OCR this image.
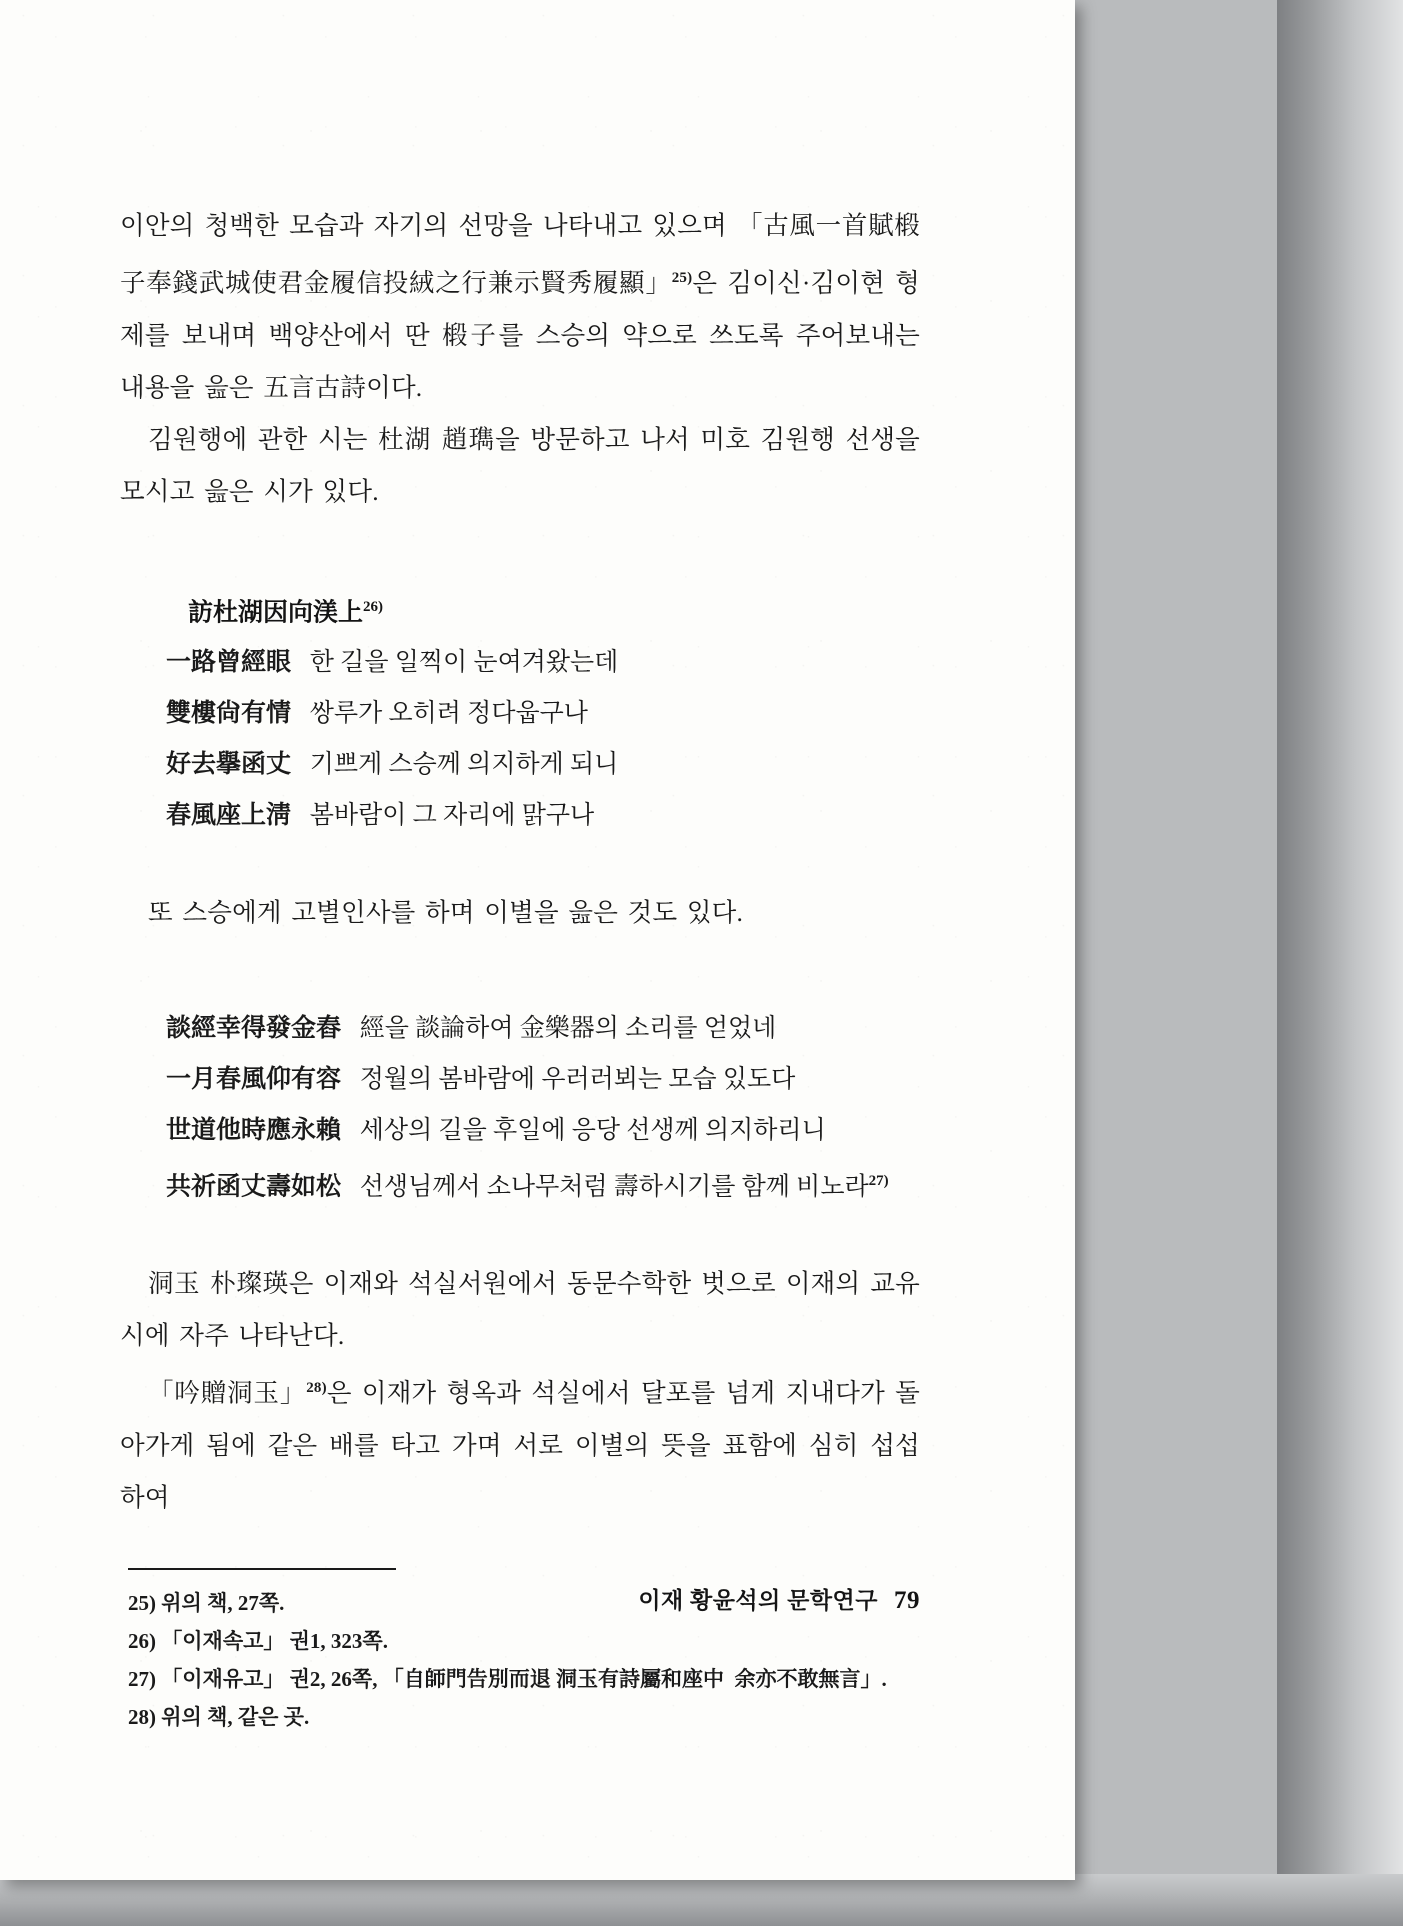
이안의 청백한 모습과 자기의 선망을 나타내고 있으며 「古風一首賦椴子奉錢武城使君金履信投絨之行兼示賢秀履顯」$^{25)}$은 김이신·김이현 형제를 보내며 백양산에서 딴 椴子를 스승의 약으로 쓰도록 주어보내는 내용을 읊은 五言古詩이다.

김원행에 관한 시는 杜湖 趙㻽을 방문하고 나서 미호 김원행 선생을 모시고 읊은 시가 있다.

訪杜湖因向渼上$^{26)}$
一路曾經眼 한 길을 일찍이 눈여겨왔는데
雙樓尙有情 쌍루가 오히려 정다웁구나
好去擧函丈 기쁘게 스승께 의지하게 되니
春風座上淸 봄바람이 그 자리에 맑구나

또 스승에게 고별인사를 하며 이별을 읊은 것도 있다.

談經幸得發金舂 經을 談論하여 金樂器의 소리를 얻었네
一月春風仰有容 정월의 봄바람에 우러러뵈는 모습 있도다
世道他時應永賴 세상의 길을 후일에 응당 선생께 의지하리니
共祈函丈壽如松 선생님께서 소나무처럼 壽하시기를 함께 비노라$^{27)}$

洞玉 朴璨瑛은 이재와 석실서원에서 동문수학한 벗으로 이재의 교유시에 자주 나타난다.

「吟贈洞玉」$^{28)}$은 이재가 형옥과 석실에서 달포를 넘게 지내다가 돌아가게 됨에 같은 배를 타고 가며 서로 이별의 뜻을 표함에 심히 섭섭하여

25) 위의 책, 27쪽.
26) 「이재속고」 권1, 323쪽.
27) 「이재유고」 권2, 26쪽, 「自師門告別而退 洞玉有詩屬和座中  余亦不敢無言」.
28) 위의 책, 같은 곳.
이재 황윤석의 문학연구 79
